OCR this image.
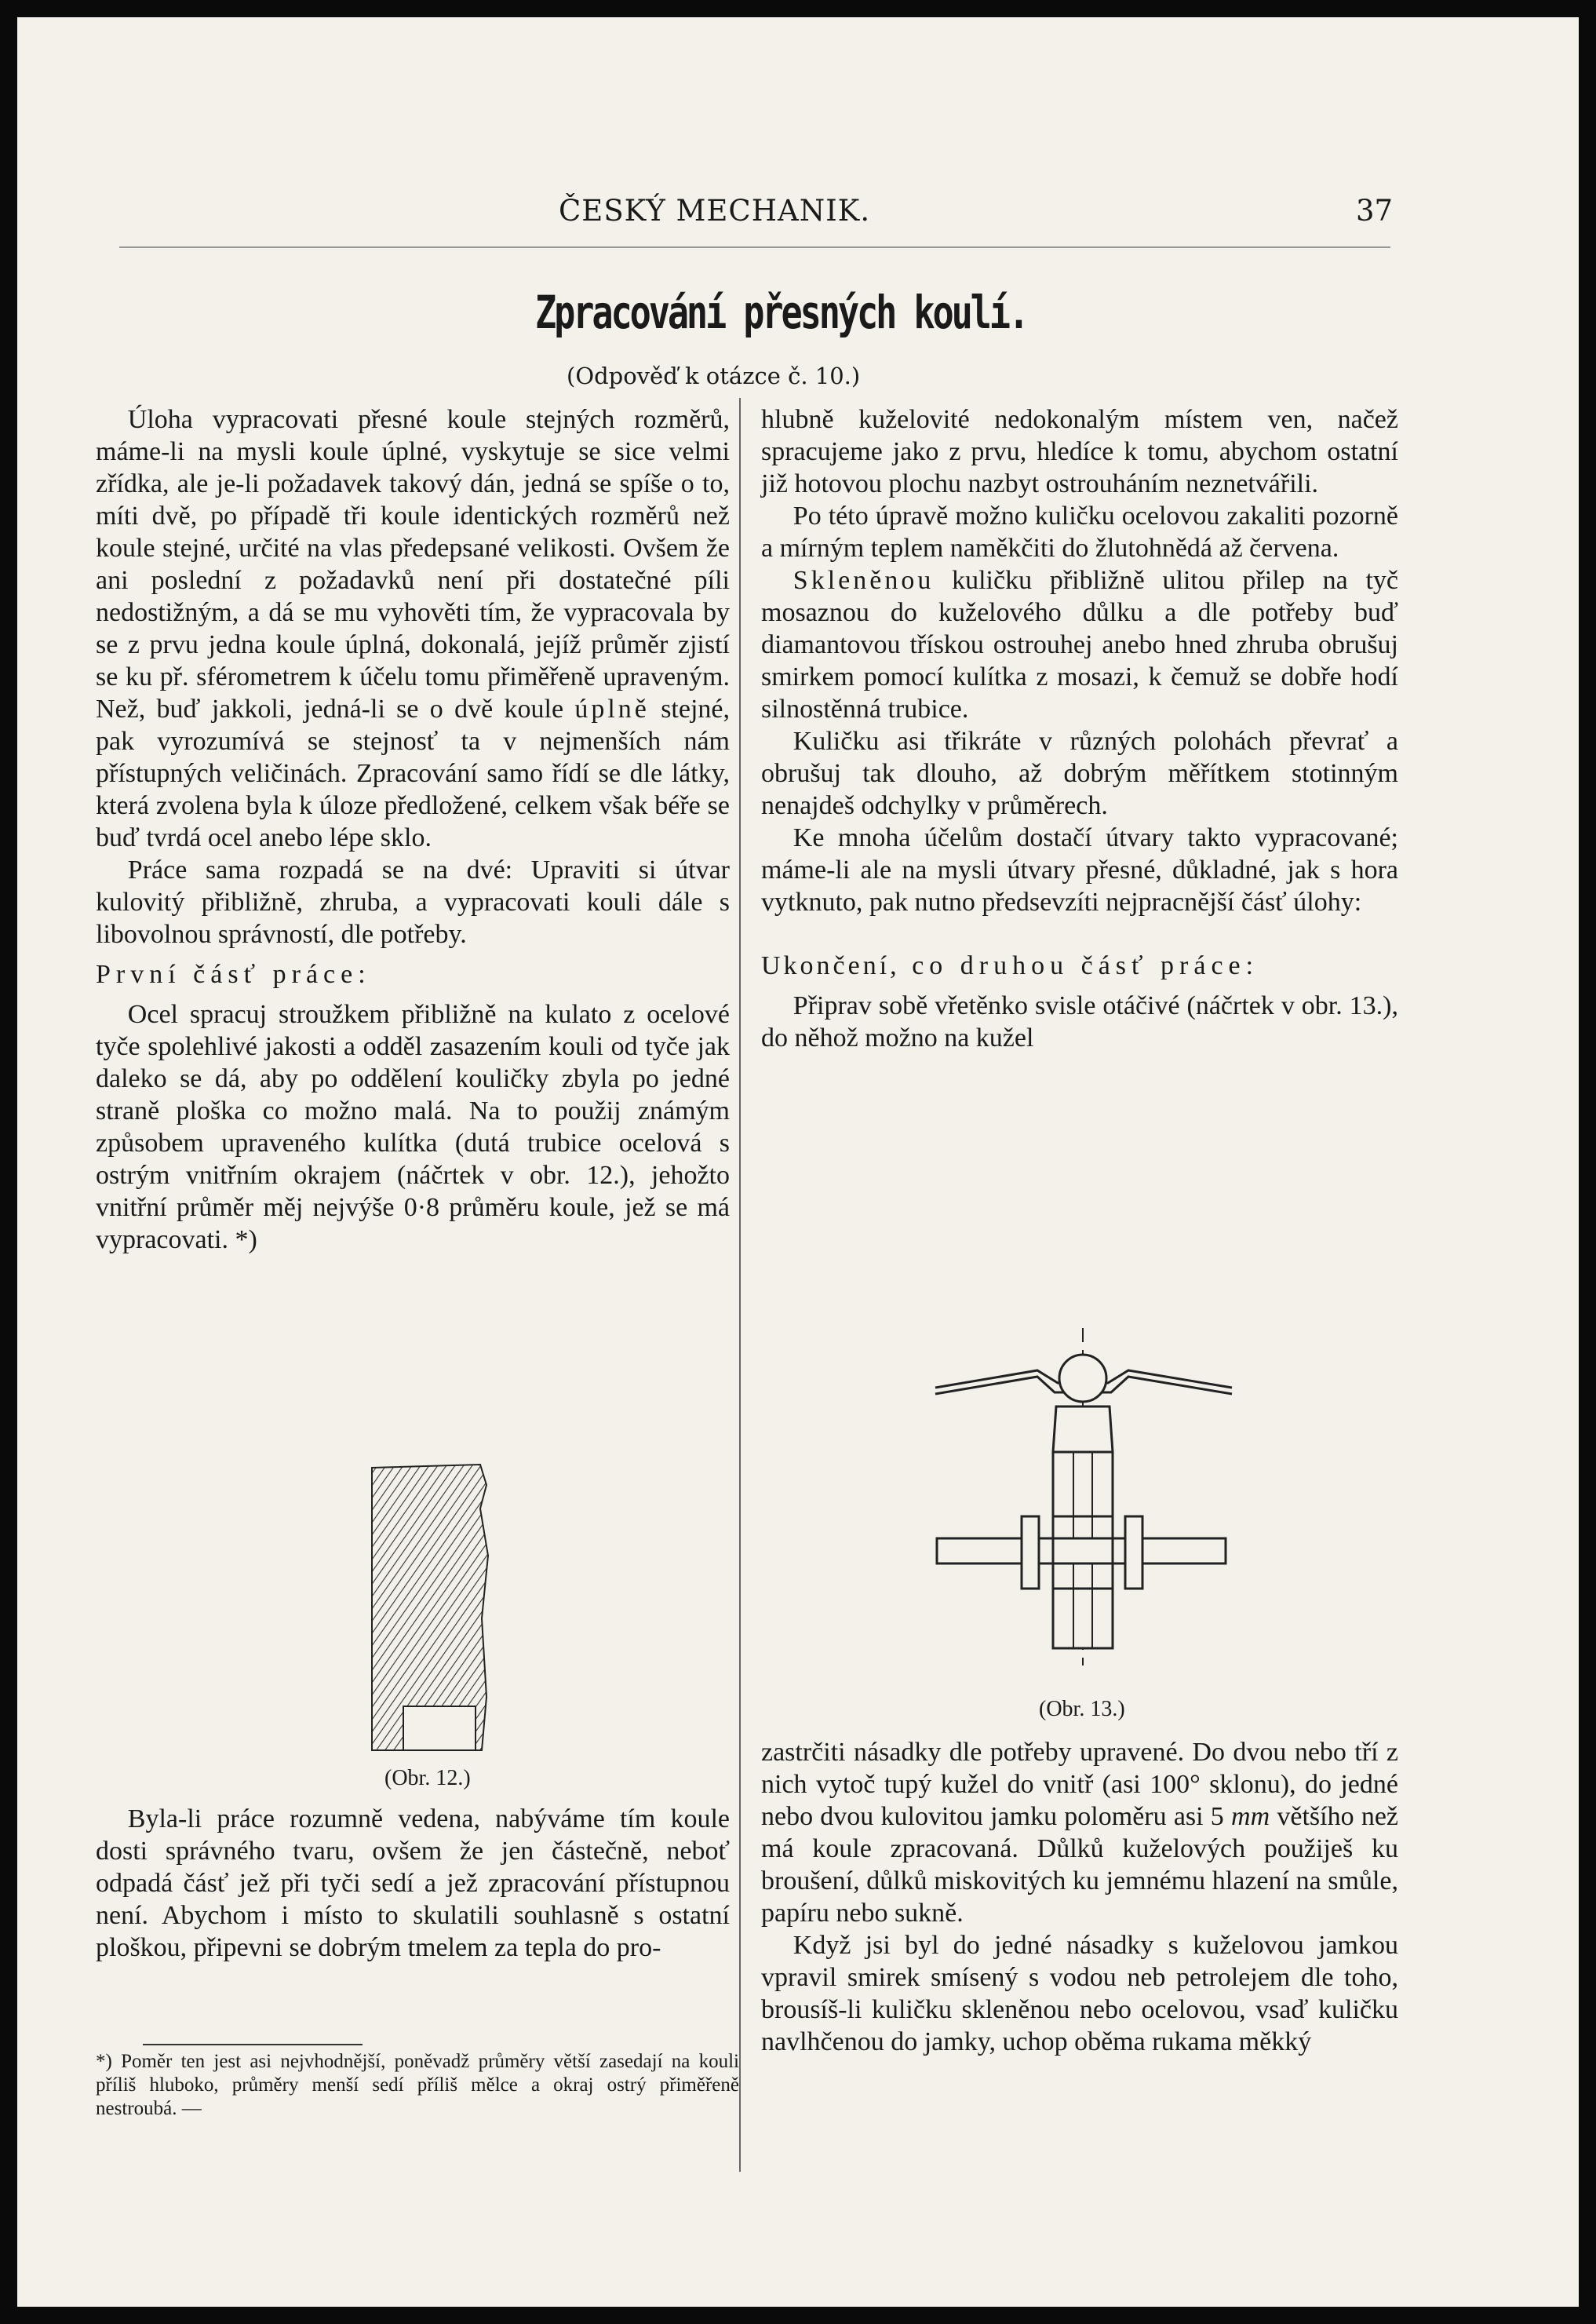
ČESKÝ MECHANIK.	37
Zpracování přesných koulí.
(Odpověď k otázce č. 10.)

Úloha vypracovati přesné koule stejných rozměrů, máme-li na mysli koule úplné, vyskytuje se sice velmi zřídka, ale je-li požadavek takový dán, jedná se spíše o to, míti dvě, po případě tři koule identických rozměrů než koule stejné, určité na vlas předepsané velikosti. Ovšem že ani poslední z požadavků není při dostatečné píli nedostižným, a dá se mu vyhověti tím, že vypracovala by se z prvu jedna koule úplná, dokonalá, jejíž průměr zjistí se ku př. sférometrem k účelu tomu přiměřeně upraveným. Než, buď jakkoli, jedná-li se o dvě koule úplně stejné, pak vyrozumívá se stejnosť ta v nejmenších nám přístupných veličinách. Zpracování samo řídí se dle látky, která zvolena byla k úloze předložené, celkem však béře se buď tvrdá ocel anebo lépe sklo.

Práce sama rozpadá se na dvé: Upraviti si útvar kulovitý přibližně, zhruba, a vypracovati kouli dále s libovolnou správností, dle potřeby.

První čásť práce:

Ocel spracuj stroužkem přibližně na kulato z ocelové tyče spolehlivé jakosti a odděl zasazením kouli od tyče jak daleko se dá, aby po oddělení kouličky zbyla po jedné straně ploška co možno malá. Na to použij známým způsobem upraveného kulítka (dutá trubice ocelová s ostrým vnitřním okrajem (náčrtek v obr. 12.), jehožto vnitřní průměr měj nejvýše 0·8 průměru koule, jež se má vypracovati. *)

(Obr. 12.)

Byla-li práce rozumně vedena, nabýváme tím koule dosti správného tvaru, ovšem že jen částečně, neboť odpadá čásť jež při tyči sedí a jež zpracování přístupnou není. Abychom i místo to skulatili souhlasně s ostatní ploškou, připevni se dobrým tmelem za tepla do pro-

*) Poměr ten jest asi nejvhodnější, poněvadž průměry větší zasedají na kouli příliš hluboko, průměry menší sedí příliš mělce a okraj ostrý přiměřeně nestroubá. —

hlubně kuželovité nedokonalým místem ven, načež spracujeme jako z prvu, hledíce k tomu, abychom ostatní již hotovou plochu nazbyt ostrouháním neznetvářili.

Po této úpravě možno kuličku ocelovou zakaliti pozorně a mírným teplem naměkčiti do žlutohnědá až červena.

Skleněnou kuličku přibližně ulitou přilep na tyč mosaznou do kuželového důlku a dle potřeby buď diamantovou třískou ostrouhej anebo hned zhruba obrušuj smirkem pomocí kulítka z mosazi, k čemuž se dobře hodí silnostěnná trubice.

Kuličku asi třikráte v různých polohách převrať a obrušuj tak dlouho, až dobrým měřítkem stotinným nenajdeš odchylky v průměrech.

Ke mnoha účelům dostačí útvary takto vypracované; máme-li ale na mysli útvary přesné, důkladné, jak s hora vytknuto, pak nutno předsevzíti nejpracnější čásť úlohy:

Ukončení, co druhou čásť práce:

Připrav sobě vřetěnko svisle otáčivé (náčrtek v obr. 13.), do něhož možno na kužel

(Obr. 13.)

zastrčiti násadky dle potřeby upravené. Do dvou nebo tří z nich vytoč tupý kužel do vnitř (asi 100° sklonu), do jedné nebo dvou kulovitou jamku poloměru asi 5 mm většího než má koule zpracovaná. Důlků kuželových použiješ ku broušení, důlků miskovitých ku jemnému hlazení na smůle, papíru nebo sukně.

Když jsi byl do jedné násadky s kuželovou jamkou vpravil smirek smísený s vodou neb petrolejem dle toho, brousíš-li kuličku skleněnou nebo ocelovou, vsaď kuličku navlhčenou do jamky, uchop oběma rukama měkký
